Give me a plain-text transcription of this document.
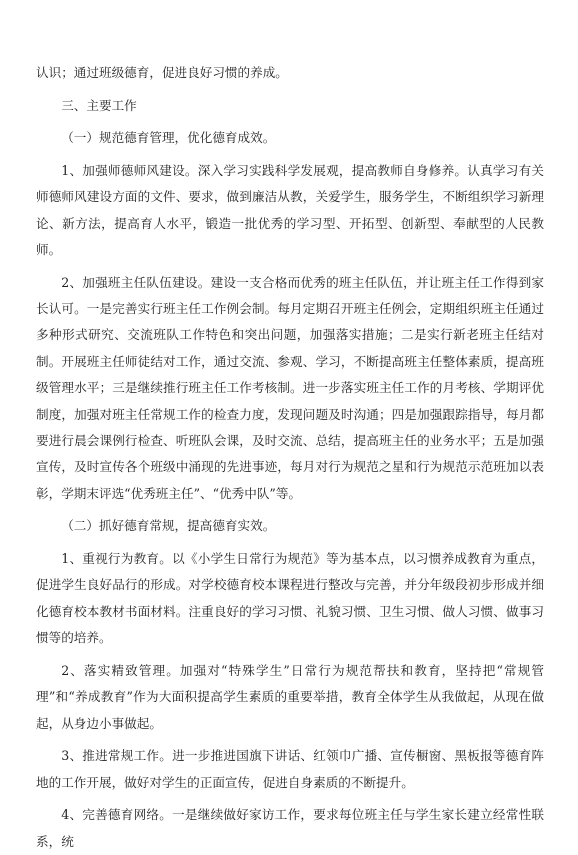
认识；通过班级德育，促进良好习惯的养成。

三、主要工作

（一）规范德育管理，优化德育成效。

1、加强师德师风建设。深入学习实践科学发展观，提高教师自身修养。认真学习有关师德师风建设方面的文件、要求，做到廉洁从教，关爱学生，服务学生，不断组织学习新理论、新方法，提高育人水平，锻造一批优秀的学习型、开拓型、创新型、奉献型的人民教师。

2、加强班主任队伍建设。建设一支合格而优秀的班主任队伍，并让班主任工作得到家长认可。一是完善实行班主任工作例会制。每月定期召开班主任例会，定期组织班主任通过多种形式研究、交流班队工作特色和突出问题，加强落实措施；二是实行新老班主任结对制。开展班主任师徒结对工作，通过交流、参观、学习，不断提高班主任整体素质，提高班级管理水平；三是继续推行班主任工作考核制。进一步落实班主任工作的月考核、学期评优制度，加强对班主任常规工作的检查力度，发现问题及时沟通；四是加强跟踪指导，每月都要进行晨会课例行检查、听班队会课，及时交流、总结，提高班主任的业务水平；五是加强宣传，及时宣传各个班级中涌现的先进事迹，每月对行为规范之星和行为规范示范班加以表彰，学期末评选“优秀班主任”、“优秀中队”等。

（二）抓好德育常规，提高德育实效。

1、重视行为教育。以《小学生日常行为规范》等为基本点，以习惯养成教育为重点，促进学生良好品行的形成。对学校德育校本课程进行整改与完善，并分年级段初步形成并细化德育校本教材书面材料。注重良好的学习习惯、礼貌习惯、卫生习惯、做人习惯、做事习惯等的培养。

2、落实精致管理。加强对“特殊学生”日常行为规范帮扶和教育，坚持把“常规管理”和“养成教育”作为大面积提高学生素质的重要举措，教育全体学生从我做起，从现在做起，从身边小事做起。

3、推进常规工作。进一步推进国旗下讲话、红领巾广播、宣传橱窗、黑板报等德育阵地的工作开展，做好对学生的正面宣传，促进自身素质的不断提升。

4、完善德育网络。一是继续做好家访工作，要求每位班主任与学生家长建立经常性联系，统
